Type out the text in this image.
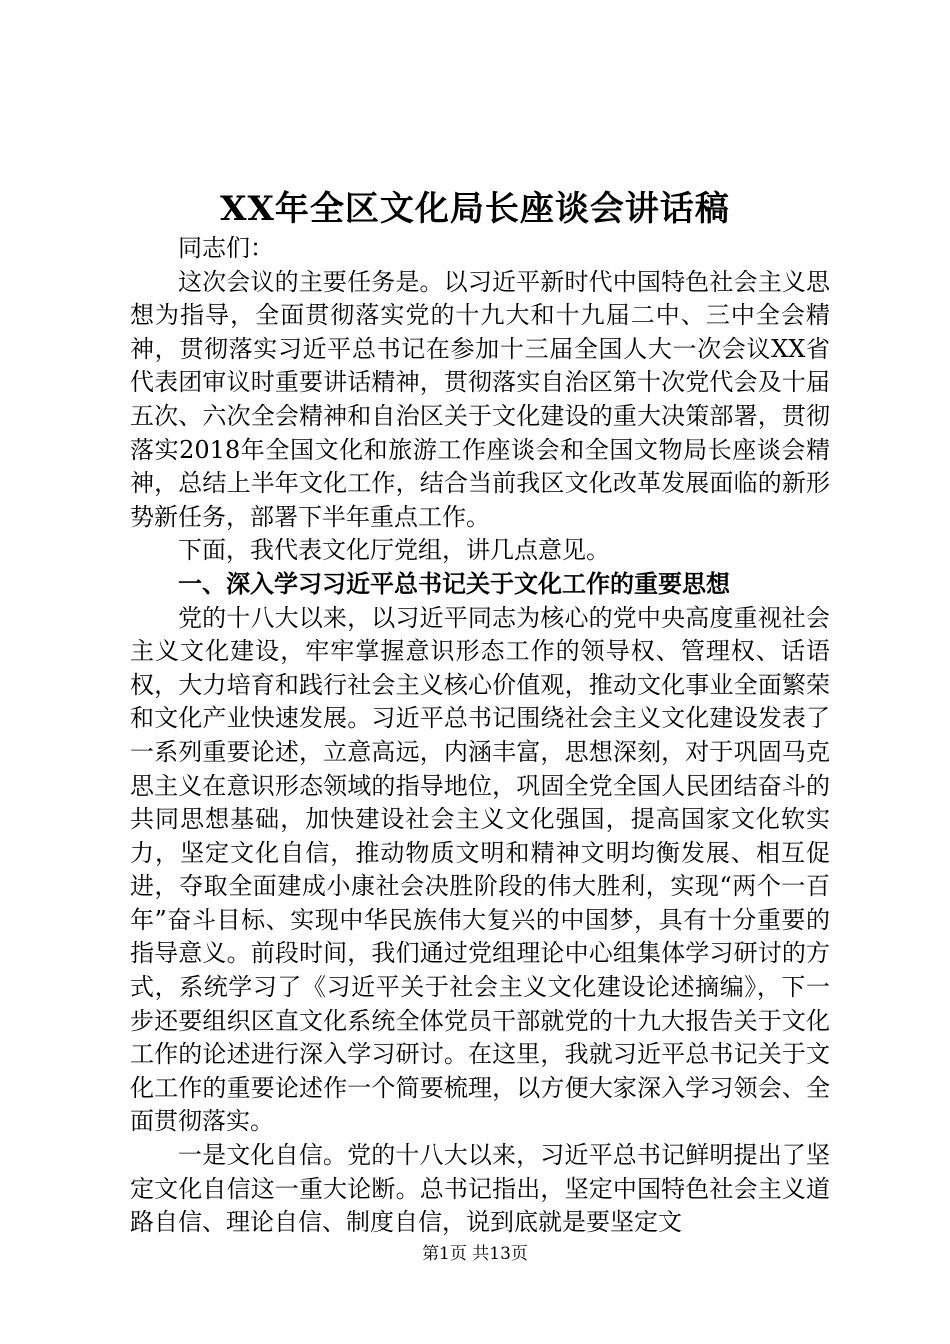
XX年全区文化局长座谈会讲话稿

同志们：

这次会议的主要任务是。以习近平新时代中国特色社会主义思想为指导，全面贯彻落实党的十九大和十九届二中、三中全会精神，贯彻落实习近平总书记在参加十三届全国人大一次会议XX省代表团审议时重要讲话精神，贯彻落实自治区第十次党代会及十届五次、六次全会精神和自治区关于文化建设的重大决策部署，贯彻落实2018年全国文化和旅游工作座谈会和全国文物局长座谈会精神，总结上半年文化工作，结合当前我区文化改革发展面临的新形势新任务，部署下半年重点工作。

下面，我代表文化厅党组，讲几点意见。

一、深入学习习近平总书记关于文化工作的重要思想

党的十八大以来，以习近平同志为核心的党中央高度重视社会主义文化建设，牢牢掌握意识形态工作的领导权、管理权、话语权，大力培育和践行社会主义核心价值观，推动文化事业全面繁荣和文化产业快速发展。习近平总书记围绕社会主义文化建设发表了一系列重要论述，立意高远，内涵丰富，思想深刻，对于巩固马克思主义在意识形态领域的指导地位，巩固全党全国人民团结奋斗的共同思想基础，加快建设社会主义文化强国，提高国家文化软实力，坚定文化自信，推动物质文明和精神文明均衡发展、相互促进，夺取全面建成小康社会决胜阶段的伟大胜利，实现“两个一百年”奋斗目标、实现中华民族伟大复兴的中国梦，具有十分重要的指导意义。前段时间，我们通过党组理论中心组集体学习研讨的方式，系统学习了《习近平关于社会主义文化建设论述摘编》，下一步还要组织区直文化系统全体党员干部就党的十九大报告关于文化工作的论述进行深入学习研讨。在这里，我就习近平总书记关于文化工作的重要论述作一个简要梳理，以方便大家深入学习领会、全面贯彻落实。

一是文化自信。党的十八大以来，习近平总书记鲜明提出了坚定文化自信这一重大论断。总书记指出，坚定中国特色社会主义道路自信、理论自信、制度自信，说到底就是要坚定文

第1页 共13页
